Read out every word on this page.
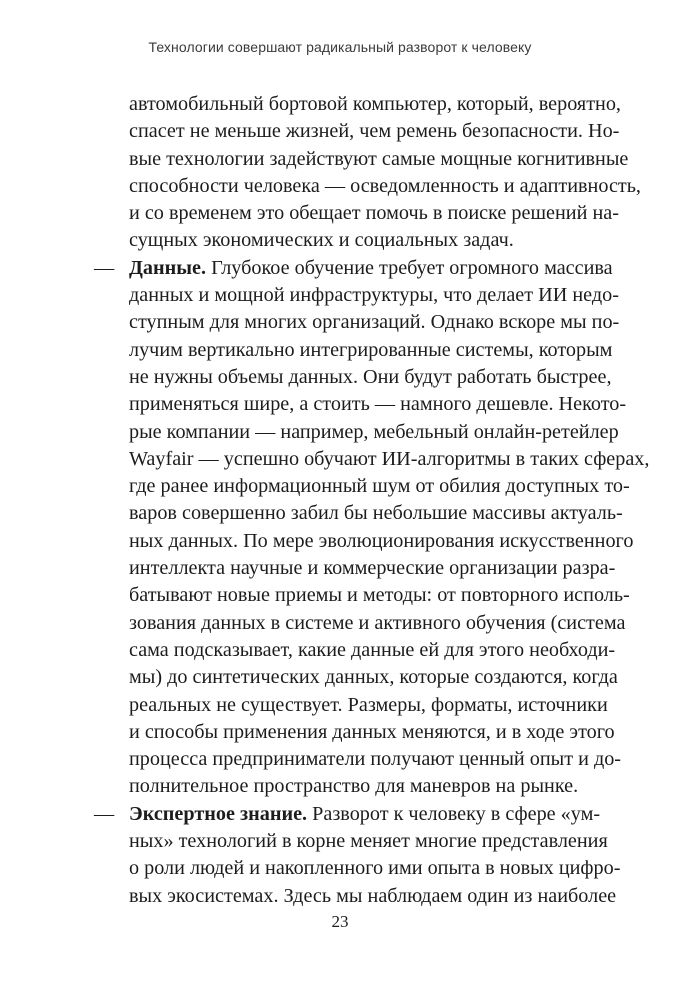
Технологии совершают радикальный разворот к человеку
автомобильный бортовой компьютер, который, вероятно,
спасет не меньше жизней, чем ремень безопасности. Но-
вые технологии задействуют самые мощные когнитивные
способности человека — осведомленность и адаптивность,
и со временем это обещает помочь в поиске решений на-
сущных экономических и социальных задач.
— Данные. Глубокое обучение требует огромного массива
данных и мощной инфраструктуры, что делает ИИ недо-
ступным для многих организаций. Однако вскоре мы по-
лучим вертикально интегрированные системы, которым
не нужны объемы данных. Они будут работать быстрее,
применяться шире, а стоить — намного дешевле. Некото-
рые компании — например, мебельный онлайн-ретейлер
Wayfair — успешно обучают ИИ-алгоритмы в таких сферах,
где ранее информационный шум от обилия доступных то-
варов совершенно забил бы небольшие массивы актуаль-
ных данных. По мере эволюционирования искусственного
интеллекта научные и коммерческие организации разра-
батывают новые приемы и методы: от повторного исполь-
зования данных в системе и активного обучения (система
сама подсказывает, какие данные ей для этого необходи-
мы) до синтетических данных, которые создаются, когда
реальных не существует. Размеры, форматы, источники
и способы применения данных меняются, и в ходе этого
процесса предприниматели получают ценный опыт и до-
полнительное пространство для маневров на рынке.
— Экспертное знание. Разворот к человеку в сфере «ум-
ных» технологий в корне меняет многие представления
о роли людей и накопленного ими опыта в новых цифро-
вых экосистемах. Здесь мы наблюдаем один из наиболее
23
